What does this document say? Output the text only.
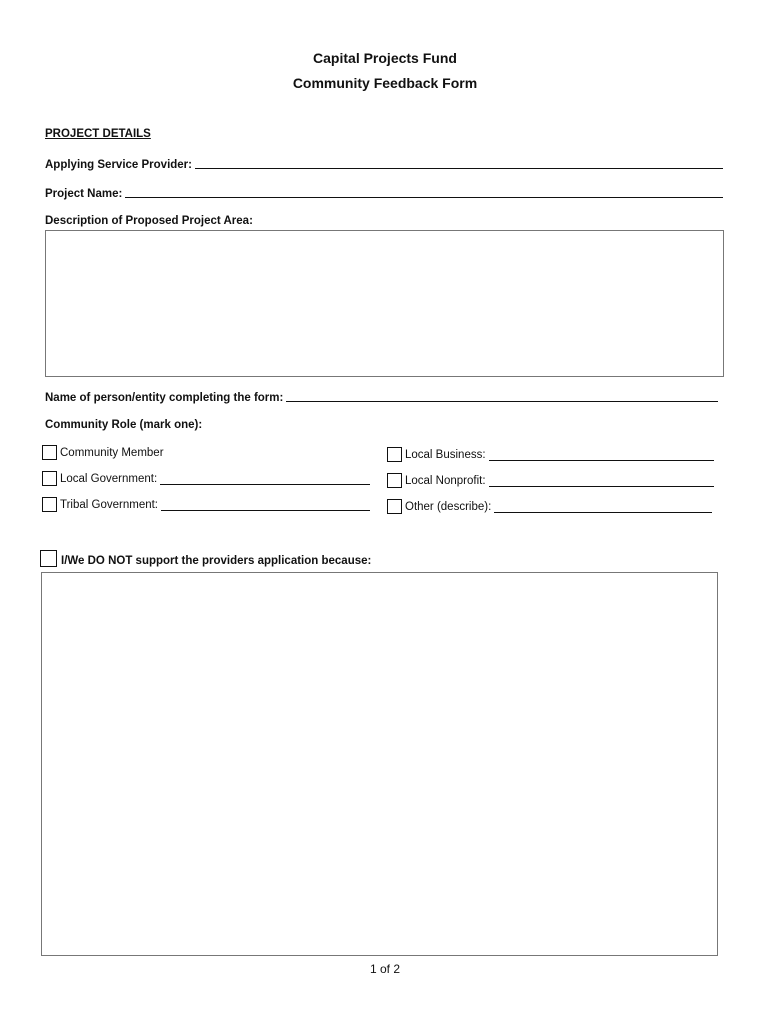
Capital Projects Fund
Community Feedback Form
PROJECT DETAILS
Applying Service Provider:
Project Name:
Description of Proposed Project Area:
Name of person/entity completing the form:
Community Role (mark one):
Community Member
Local Government:
Tribal Government:
Local Business:
Local Nonprofit:
Other (describe):
I/We DO NOT support the providers application because:
1 of 2
